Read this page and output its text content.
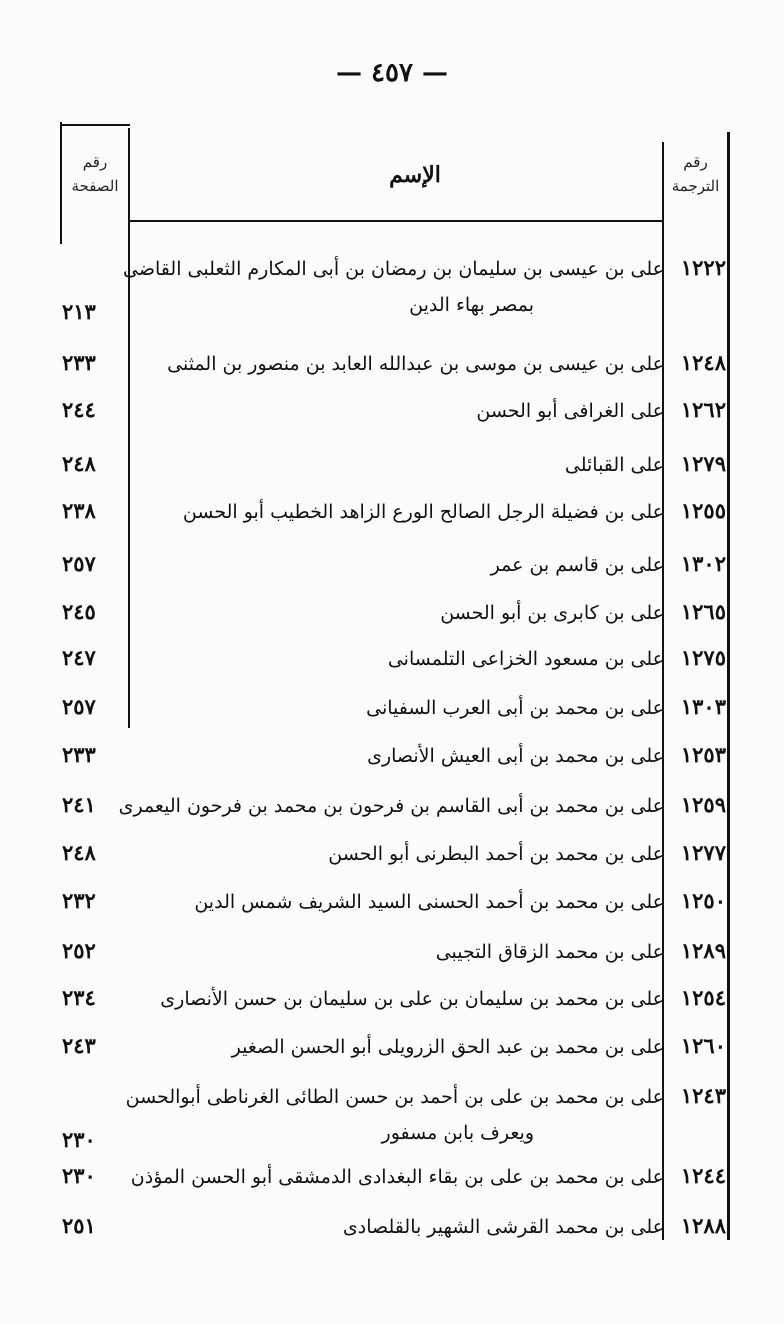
— ٤٥٧ —
رقم
الترجمة
الإسم
رقم
الصفحة
١٢٢٢
على بن عيسى بن سليمان بن رمضان بن أبى المكارم الثعلبى القاضى
بمصر بهاء الدين
٢١٣
١٢٤٨
على بن عيسى بن موسى بن عبدالله العابد بن منصور بن المثنى
٢٣٣
١٢٦٢
على الغرافى أبو الحسن
٢٤٤
١٢٧٩
على القبائلى
٢٤٨
١٢٥٥
على بن فضيلة الرجل الصالح الورع الزاهد الخطيب أبو الحسن
٢٣٨
١٣٠٢
على بن قاسم بن عمر
٢٥٧
١٢٦٥
على بن كابرى بن أبو الحسن
٢٤٥
١٢٧٥
على بن مسعود الخزاعى التلمسانى
٢٤٧
١٣٠٣
على بن محمد بن أبى العرب السفيانى
٢٥٧
١٢٥٣
على بن محمد بن أبى العيش الأنصارى
٢٣٣
١٢٥٩
على بن محمد بن أبى القاسم بن فرحون بن محمد بن فرحون اليعمرى
٢٤١
١٢٧٧
على بن محمد بن أحمد البطرنى أبو الحسن
٢٤٨
١٢٥٠
على بن محمد بن أحمد الحسنى السيد الشريف شمس الدين
٢٣٢
١٢٨٩
على بن محمد الزقاق التجيبى
٢٥٢
١٢٥٤
على بن محمد بن سليمان بن على بن سليمان بن حسن الأنصارى
٢٣٤
١٢٦٠
على بن محمد بن عبد الحق الزرويلى أبو الحسن الصغير
٢٤٣
١٢٤٣
على بن محمد بن على بن أحمد بن حسن الطائى الغرناطى أبوالحسن
ويعرف بابن مسفور
٢٣٠
١٢٤٤
على بن محمد بن على بن بقاء البغدادى الدمشقى أبو الحسن المؤذن
٢٣٠
١٢٨٨
على بن محمد القرشى الشهير بالقلصادى
٢٥١
